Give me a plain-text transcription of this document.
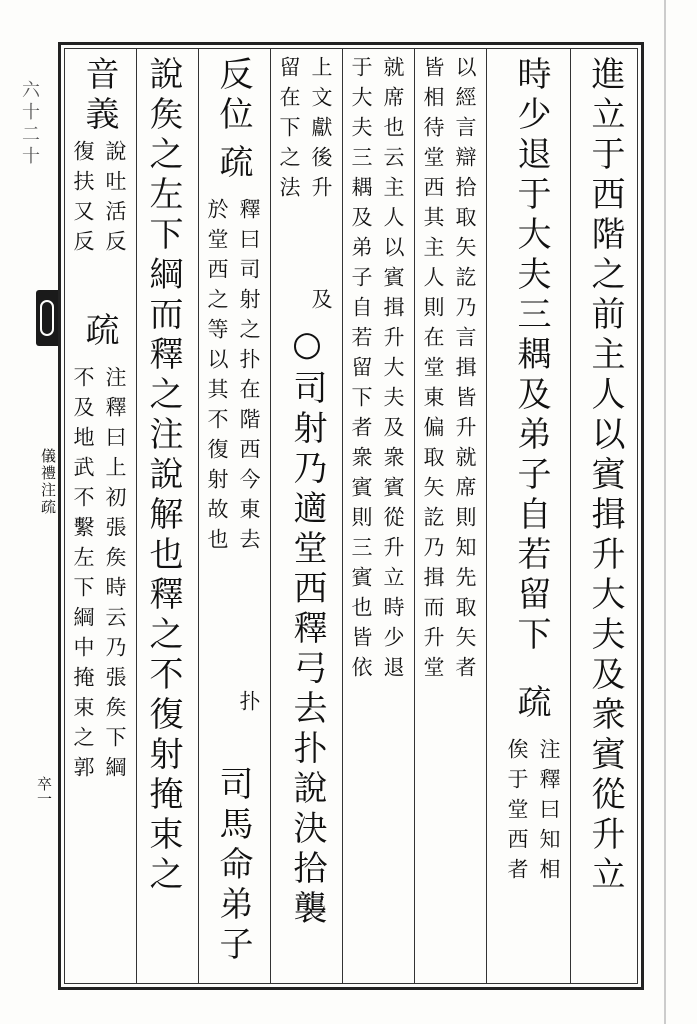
六十二十
儀禮注疏
卒一	進立于西階之前主人以賓揖升大夫及衆賓從升立
時少退于大夫三耦及弟子自若留下
疏
注釋曰知相
俟于堂西者
以經言辯拾取矢訖乃言揖皆升就席則知先取矢者
皆相待堂西其主人則在堂東偏取矢訖乃揖而升堂
就席也云主人以賓揖升大夫及衆賓從升立時少退
于大夫三耦及弟子自若留下者衆賓則三賓也皆依
上文獻後升
及
留在下之法
○司射乃適堂西釋弓去扑說決拾襲
反位
疏
釋曰司射之扑在階西今東去
扑
於堂西之等以其不復射故也
司馬命弟子
說矦之左下綱而釋之注說解也釋之不復射掩束之
音義
說吐活反
復扶又反
疏
注釋曰上初張矦時云乃張矦下綱
不及地武不繫左下綱中掩束之郭
